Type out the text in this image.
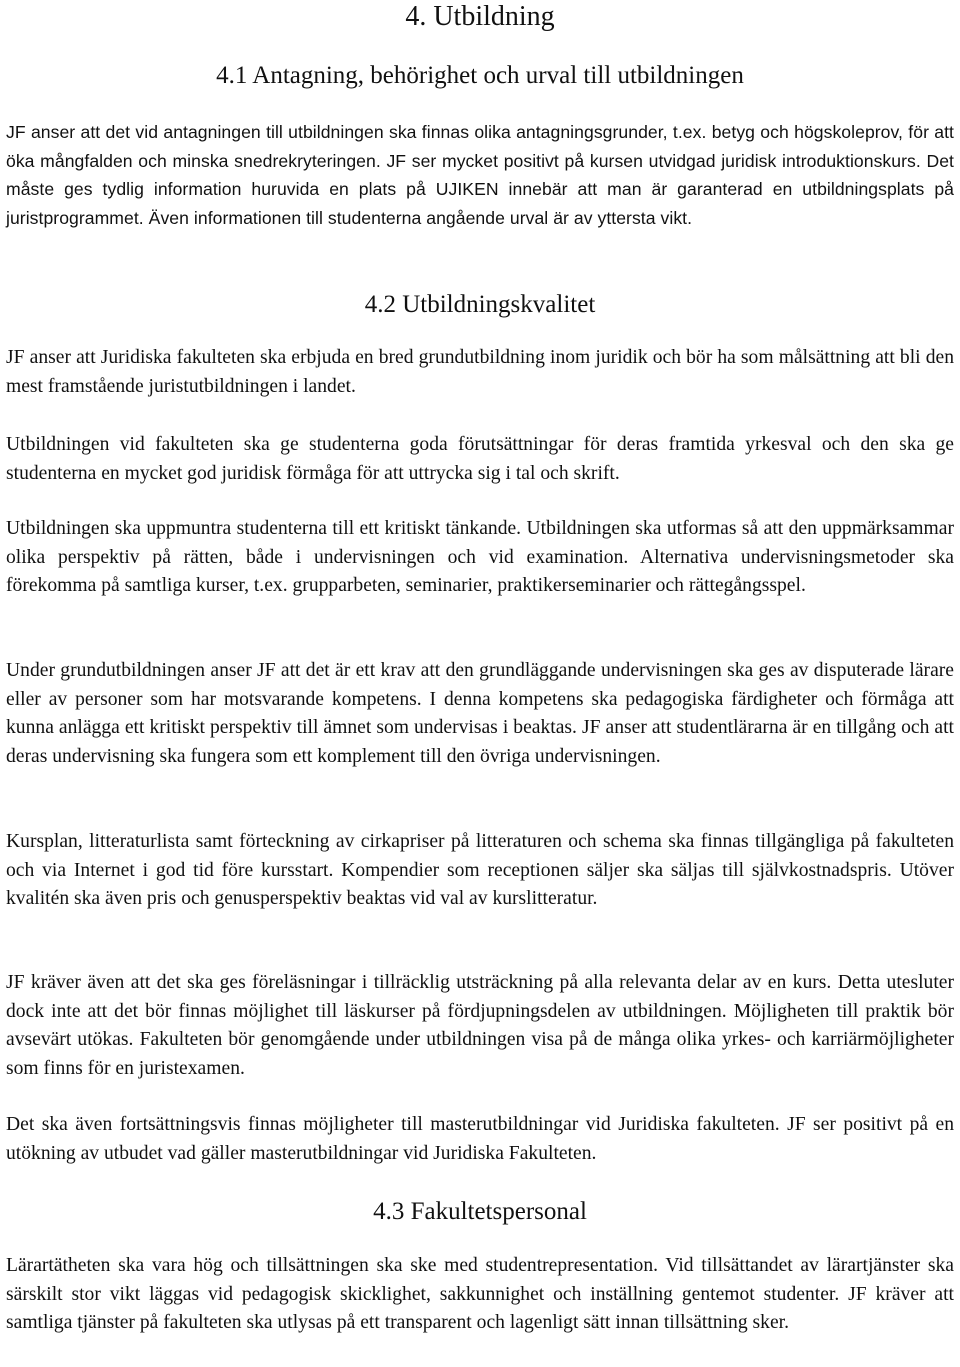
4. Utbildning
4.1 Antagning, behörighet och urval till utbildningen

JF anser att det vid antagningen till utbildningen ska finnas olika antagningsgrunder, t.ex. betyg och högskoleprov, för att öka mångfalden och minska snedrekryteringen. JF ser mycket positivt på kursen utvidgad juridisk introduktionskurs. Det måste ges tydlig information huruvida en plats på UJIKEN innebär att man är garanterad en utbildningsplats på juristprogrammet. Även informationen till studenterna angående urval är av yttersta vikt.

4.2 Utbildningskvalitet

JF anser att Juridiska fakulteten ska erbjuda en bred grundutbildning inom juridik och bör ha som målsättning att bli den mest framstående juristutbildningen i landet.

Utbildningen vid fakulteten ska ge studenterna goda förutsättningar för deras framtida yrkesval och den ska ge studenterna en mycket god juridisk förmåga för att uttrycka sig i tal och skrift.

Utbildningen ska uppmuntra studenterna till ett kritiskt tänkande. Utbildningen ska utformas så att den uppmärksammar olika perspektiv på rätten, både i undervisningen och vid examination. Alternativa undervisningsmetoder ska förekomma på samtliga kurser, t.ex. grupparbeten, seminarier, praktikerseminarier och rättegångsspel.

Under grundutbildningen anser JF att det är ett krav att den grundläggande undervisningen ska ges av disputerade lärare eller av personer som har motsvarande kompetens. I denna kompetens ska pedagogiska färdigheter och förmåga att kunna anlägga ett kritiskt perspektiv till ämnet som undervisas i beaktas. JF anser att studentlärarna är en tillgång och att deras undervisning ska fungera som ett komplement till den övriga undervisningen.

Kursplan, litteraturlista samt förteckning av cirkapriser på litteraturen och schema ska finnas tillgängliga på fakulteten och via Internet i god tid före kursstart. Kompendier som receptionen säljer ska säljas till självkostnadspris. Utöver kvalitén ska även pris och genusperspektiv beaktas vid val av kurslitteratur.

JF kräver även att det ska ges föreläsningar i tillräcklig utsträckning på alla relevanta delar av en kurs. Detta utesluter dock inte att det bör finnas möjlighet till läskurser på fördjupningsdelen av utbildningen. Möjligheten till praktik bör avsevärt utökas. Fakulteten bör genomgående under utbildningen visa på de många olika yrkes- och karriärmöjligheter som finns för en juristexamen.

Det ska även fortsättningsvis finnas möjligheter till masterutbildningar vid Juridiska fakulteten. JF ser positivt på en utökning av utbudet vad gäller masterutbildningar vid Juridiska Fakulteten.

4.3 Fakultetspersonal

Lärartätheten ska vara hög och tillsättningen ska ske med studentrepresentation. Vid tillsättandet av lärartjänster ska särskilt stor vikt läggas vid pedagogisk skicklighet, sakkunnighet och inställning gentemot studenter. JF kräver att samtliga tjänster på fakulteten ska utlysas på ett transparent och lagenligt sätt innan tillsättning sker.
